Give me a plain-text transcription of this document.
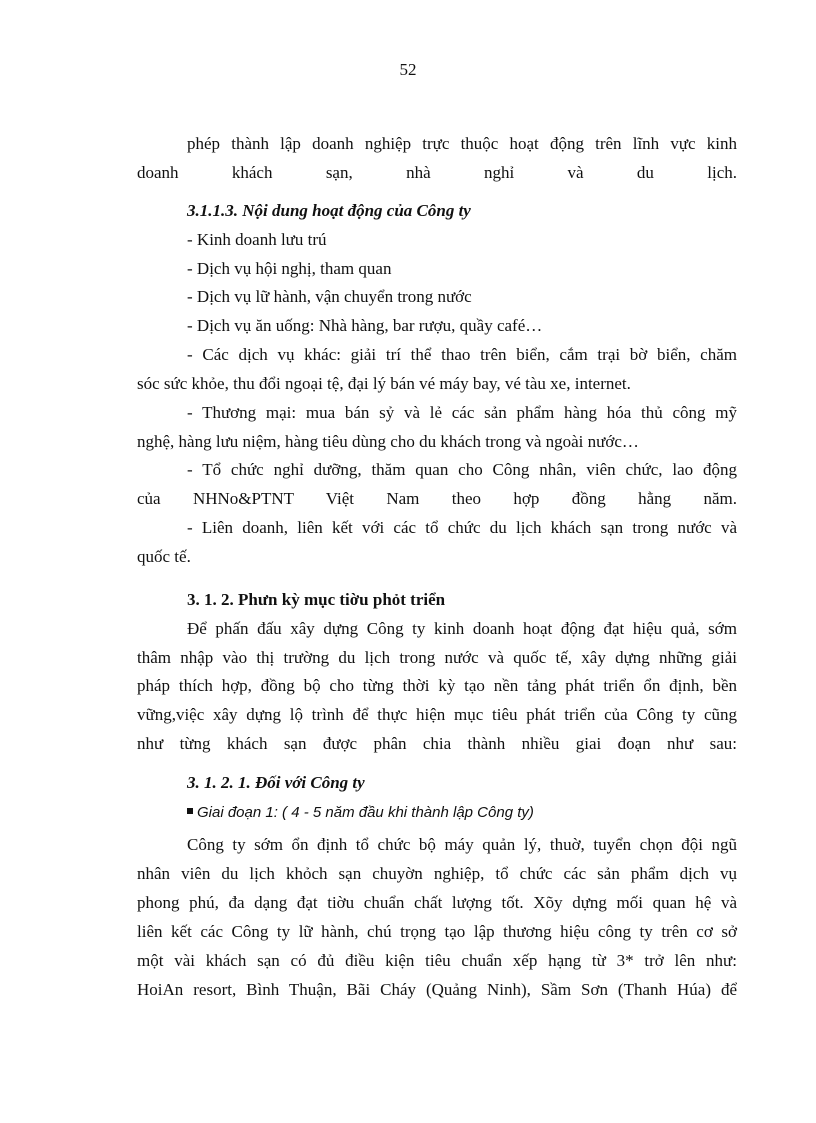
52
phép thành lập doanh nghiệp trực thuộc hoạt động trên lĩnh vực kinh
doanh khách sạn, nhà nghỉ và du lịch.
3.1.1.3. Nội dung hoạt động của Công ty
- Kinh doanh lưu trú
- Dịch vụ hội nghị, tham quan
- Dịch vụ lữ hành, vận chuyển trong nước
- Dịch vụ ăn uống: Nhà hàng, bar rượu, quầy café…
- Các dịch vụ khác: giải trí thể thao trên biển, cắm trại bờ biển, chăm
sóc sức khỏe, thu đổi ngoại tệ, đại lý bán vé máy bay, vé tàu xe, internet.
- Thương mại: mua bán sỷ và lẻ các sản phẩm hàng hóa thủ công mỹ
nghệ, hàng lưu niệm, hàng tiêu dùng cho du khách trong và ngoài nước…
- Tổ chức nghỉ dưỡng, thăm quan cho Công nhân, viên chức, lao động
của NHNo&PTNT Việt Nam theo hợp đồng hằng năm.
- Liên doanh, liên kết với các tổ chức du lịch khách sạn trong nước và
quốc tế.
3. 1. 2. Phưn kỳ mục tiờu phỏt triển
Để phấn đấu xây dựng Công ty kinh doanh hoạt động đạt hiệu quả, sớm
thâm nhập vào thị trường du lịch trong nước và quốc tế, xây dựng những giải
pháp thích hợp, đồng bộ cho từng thời kỳ tạo nền tảng phát triển ổn định, bền
vững,việc xây dựng lộ trình để thực hiện mục tiêu phát triển của Công ty cũng
như từng khách sạn được phân chia thành nhiều giai đoạn như sau:
3. 1. 2. 1. Đối với Công ty
Giai đoạn 1: ( 4 - 5 năm đầu khi thành lập Công ty)
Công ty sớm ổn định tổ chức bộ máy quản lý, thuờ, tuyển chọn đội ngũ
nhân viên du lịch khỏch sạn chuyờn nghiệp, tổ chức các sản phẩm dịch vụ
phong phú, đa dạng đạt tiờu chuẩn chất lượng tốt. Xõy dựng mối quan hệ và
liên kết các Công ty lữ hành, chú trọng tạo lập thương hiệu công ty trên cơ sở
một vài khách sạn có đủ điều kiện tiêu chuẩn xếp hạng từ 3* trở lên như:
HoiAn resort, Bình Thuận, Bãi Cháy (Quảng Ninh), Sầm Sơn (Thanh Húa) để
